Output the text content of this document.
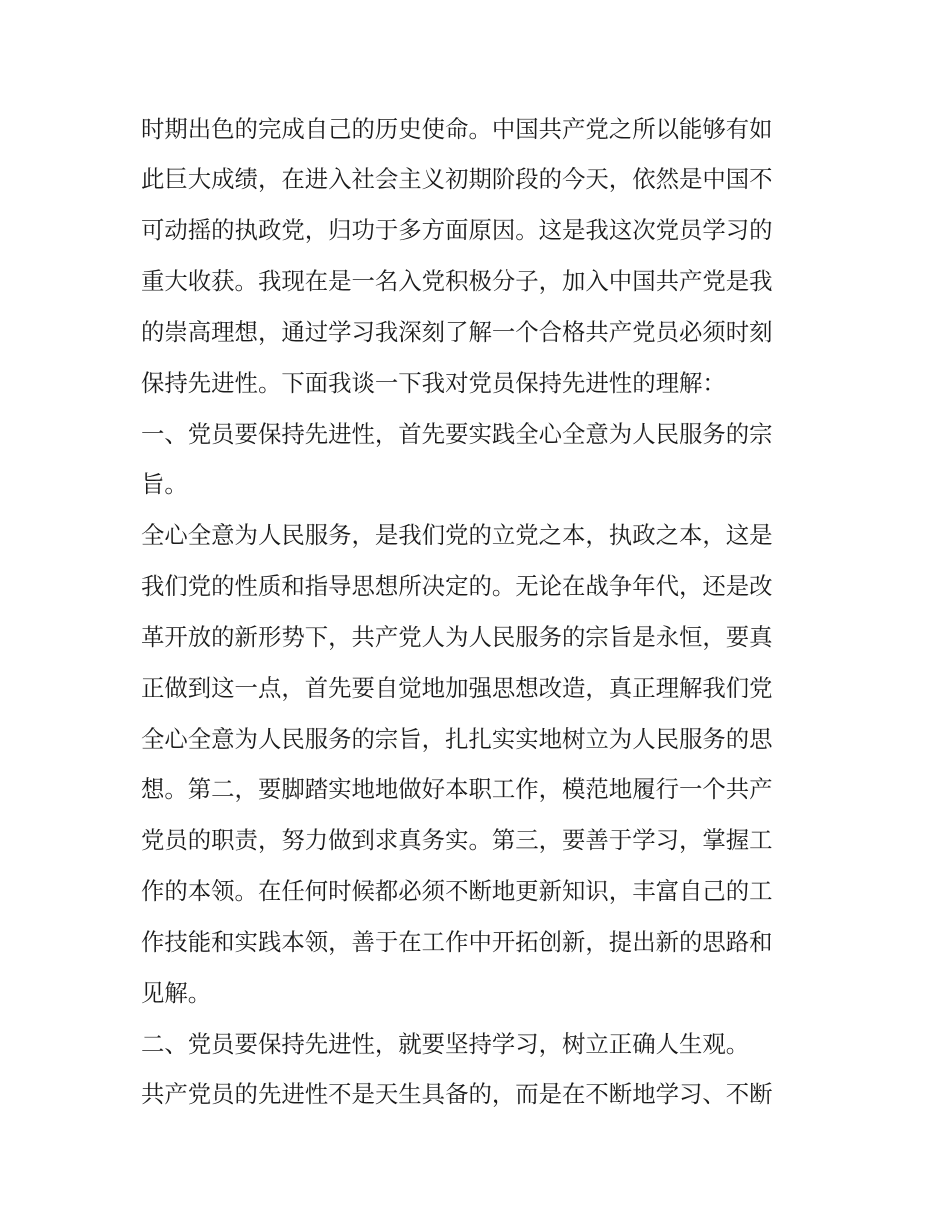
时期出色的完成自己的历史使命。中国共产党之所以能够有如
此巨大成绩，在进入社会主义初期阶段的今天，依然是中国不
可动摇的执政党，归功于多方面原因。这是我这次党员学习的
重大收获。我现在是一名入党积极分子，加入中国共产党是我
的崇高理想，通过学习我深刻了解一个合格共产党员必须时刻
保持先进性。下面我谈一下我对党员保持先进性的理解：
一、党员要保持先进性，首先要实践全心全意为人民服务的宗
旨。
全心全意为人民服务，是我们党的立党之本，执政之本，这是
我们党的性质和指导思想所决定的。无论在战争年代，还是改
革开放的新形势下，共产党人为人民服务的宗旨是永恒，要真
正做到这一点，首先要自觉地加强思想改造，真正理解我们党
全心全意为人民服务的宗旨，扎扎实实地树立为人民服务的思
想。第二，要脚踏实地地做好本职工作，模范地履行一个共产
党员的职责，努力做到求真务实。第三，要善于学习，掌握工
作的本领。在任何时候都必须不断地更新知识，丰富自己的工
作技能和实践本领，善于在工作中开拓创新，提出新的思路和
见解。
二、党员要保持先进性，就要坚持学习，树立正确人生观。
共产党员的先进性不是天生具备的，而是在不断地学习、不断
